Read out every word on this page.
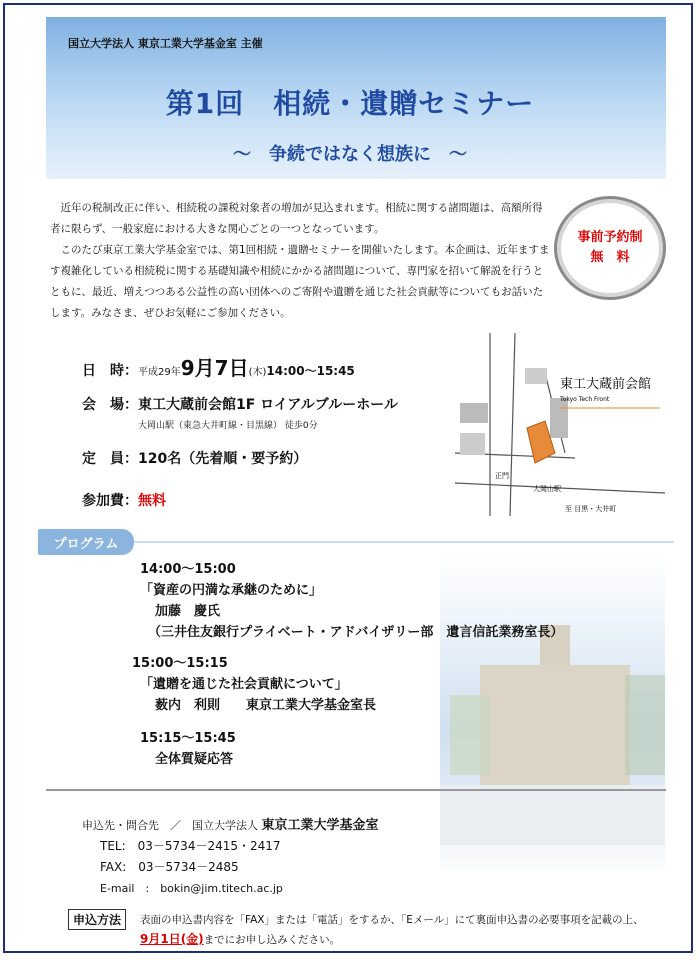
国立大学法人 東京工業大学基金室 主催
第1回　相続・遺贈セミナー
～　争続ではなく想族に　～

近年の税制改正に伴い、相続税の課税対象者の増加が見込まれます。相続に関する諸問題は、高額所得者に限らず、一般家庭における大きな関心ごとの一つとなっています。

このたび東京工業大学基金室では、第1回相続・遺贈セミナーを開催いたします。本企画は、近年ますます複雑化している相続税に関する基礎知識や相続にかかる諸問題について、専門家を招いて解説を行うとともに、最近、増えつつある公益性の高い団体へのご寄附や遺贈を通じた社会貢献等についてもお話いたします。みなさま、ぜひお気軽にご参加ください。

事前予約制
無　料
日　時：平成29年9月7日(木)14:00～15:45
会　場：東工大蔵前会館1F ロイアルブルーホール
大岡山駅（東急大井町線・目黒線） 徒歩0分
定　員：120名（先着順・要予約）
参加費：無料
東工大蔵前会館
Tokyo Tech Front
正門
大岡山駅
至 目黒・大井町
プログラム
14:00～15:00
「資産の円満な承継のために」
加藤　慶氏
（三井住友銀行プライベート・アドバイザリー部　遺言信託業務室長）
15:00～15:15
「遺贈を通じた社会貢献について」
薮内　利則　　東京工業大学基金室長
15:15～15:45
全体質疑応答
申込先・問合先　／　国立大学法人 東京工業大学基金室
TEL:　03－5734－2415・2417
FAX:　03－5734－2485
E-mail　:　bokin@jim.titech.ac.jp
申込方法	表面の申込書内容を「FAX」または「電話」をするか、「Eメール」にて裏面申込書の必要事項を記載の上、
9月1日(金)までにお申し込みください。
